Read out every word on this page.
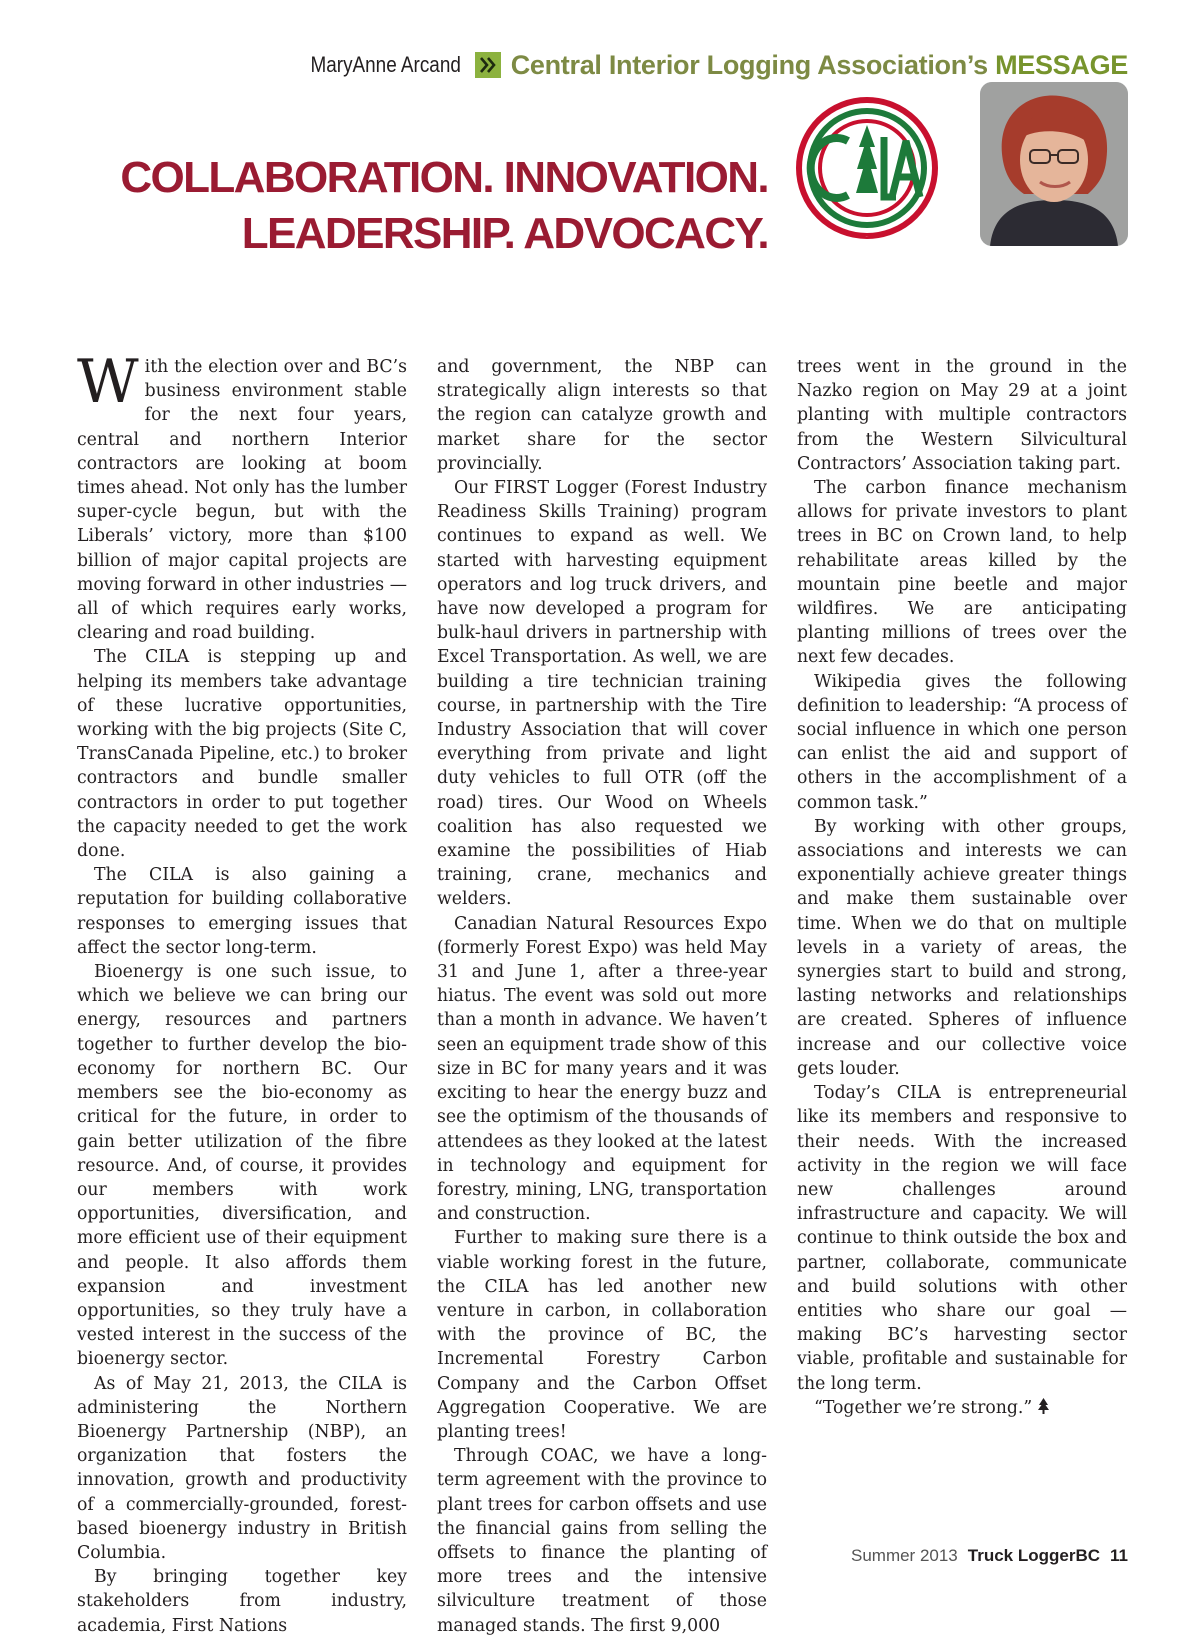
MaryAnne Arcand Central Interior Logging Association’s MESSAGE
COLLABORATION. INNOVATION.
LEADERSHIP. ADVOCACY.	CILA

With the election over and BC’s business environment stable for the next four years, central and northern Interior contractors are looking at boom times ahead. Not only has the lumber super-cycle begun, but with the Liberals’ victory, more than $100 billion of major capital projects are moving forward in other industries — all of which requires early works, clearing and road building.

The CILA is stepping up and helping its members take advantage of these lucrative opportunities, working with the big projects (Site C, TransCanada Pipeline, etc.) to broker contractors and bundle smaller contractors in order to put together the capacity needed to get the work done.

The CILA is also gaining a reputation for building collaborative responses to emerging issues that affect the sector long-term.

Bioenergy is one such issue, to which we believe we can bring our energy, resources and partners together to further develop the bio-economy for northern BC. Our members see the bio-economy as critical for the future, in order to gain better utilization of the fibre resource. And, of course, it provides our members with work opportunities, diversification, and more efficient use of their equipment and people. It also affords them expansion and investment opportunities, so they truly have a vested interest in the success of the bioenergy sector.

As of May 21, 2013, the CILA is administering the Northern Bioenergy Partnership (NBP), an organization that fosters the innovation, growth and productivity of a commercially-grounded, forest-based bioenergy industry in British Columbia.

By bringing together key stakeholders from industry, academia, First Nations

and government, the NBP can strategically align interests so that the region can catalyze growth and market share for the sector provincially.

Our FIRST Logger (Forest Industry Readiness Skills Training) program continues to expand as well. We started with harvesting equipment operators and log truck drivers, and have now developed a program for bulk-haul drivers in partnership with Excel Transportation. As well, we are building a tire technician training course, in partnership with the Tire Industry Association that will cover everything from private and light duty vehicles to full OTR (off the road) tires. Our Wood on Wheels coalition has also requested we examine the possibilities of Hiab training, crane, mechanics and welders.

Canadian Natural Resources Expo (formerly Forest Expo) was held May 31 and June 1, after a three-year hiatus. The event was sold out more than a month in advance. We haven’t seen an equipment trade show of this size in BC for many years and it was exciting to hear the energy buzz and see the optimism of the thousands of attendees as they looked at the latest in technology and equipment for forestry, mining, LNG, transportation and construction.

Further to making sure there is a viable working forest in the future, the CILA has led another new venture in carbon, in collaboration with the province of BC, the Incremental Forestry Carbon Company and the Carbon Offset Aggregation Cooperative. We are planting trees!

Through COAC, we have a long-term agreement with the province to plant trees for carbon offsets and use the financial gains from selling the offsets to finance the planting of more trees and the intensive silviculture treatment of those managed stands. The first 9,000

trees went in the ground in the Nazko region on May 29 at a joint planting with multiple contractors from the Western Silvicultural Contractors’ Association taking part.

The carbon finance mechanism allows for private investors to plant trees in BC on Crown land, to help rehabilitate areas killed by the mountain pine beetle and major wildfires. We are anticipating planting millions of trees over the next few decades.

Wikipedia gives the following definition to leadership: “A process of social influence in which one person can enlist the aid and support of others in the accomplishment of a common task.”

By working with other groups, associations and interests we can exponentially achieve greater things and make them sustainable over time. When we do that on multiple levels in a variety of areas, the synergies start to build and strong, lasting networks and relationships are created. Spheres of influence increase and our collective voice gets louder.

Today’s CILA is entrepreneurial like its members and responsive to their needs. With the increased activity in the region we will face new challenges around infrastructure and capacity. We will continue to think outside the box and partner, collaborate, communicate and build solutions with other entities who share our goal — making BC’s harvesting sector viable, profitable and sustainable for the long term.

“Together we’re strong.”

Summer 2013 Truck LoggerBC 11
